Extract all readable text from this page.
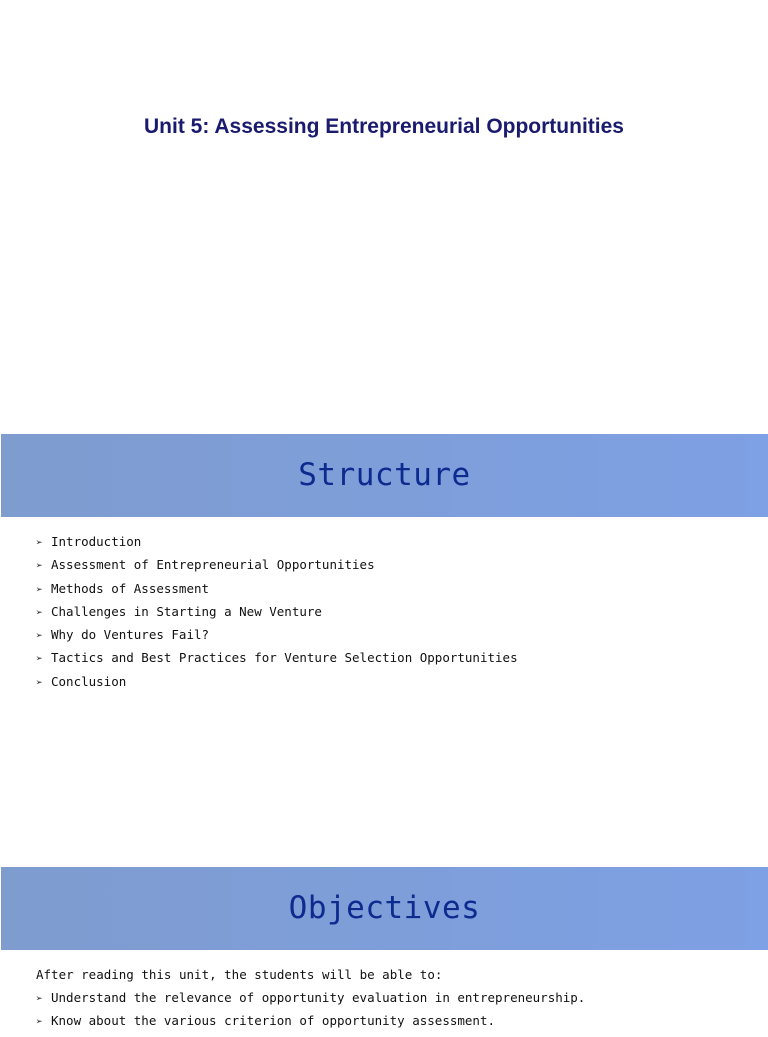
Unit 5: Assessing Entrepreneurial Opportunities
Structure
➢ Introduction
➢ Assessment of Entrepreneurial Opportunities
➢ Methods of Assessment
➢ Challenges in Starting a New Venture
➢ Why do Ventures Fail?
➢ Tactics and Best Practices for Venture Selection Opportunities
➢ Conclusion
Objectives

After reading this unit, the students will be able to:

➢ Understand the relevance of opportunity evaluation in entrepreneurship.
➢ Know about the various criterion of opportunity assessment.
